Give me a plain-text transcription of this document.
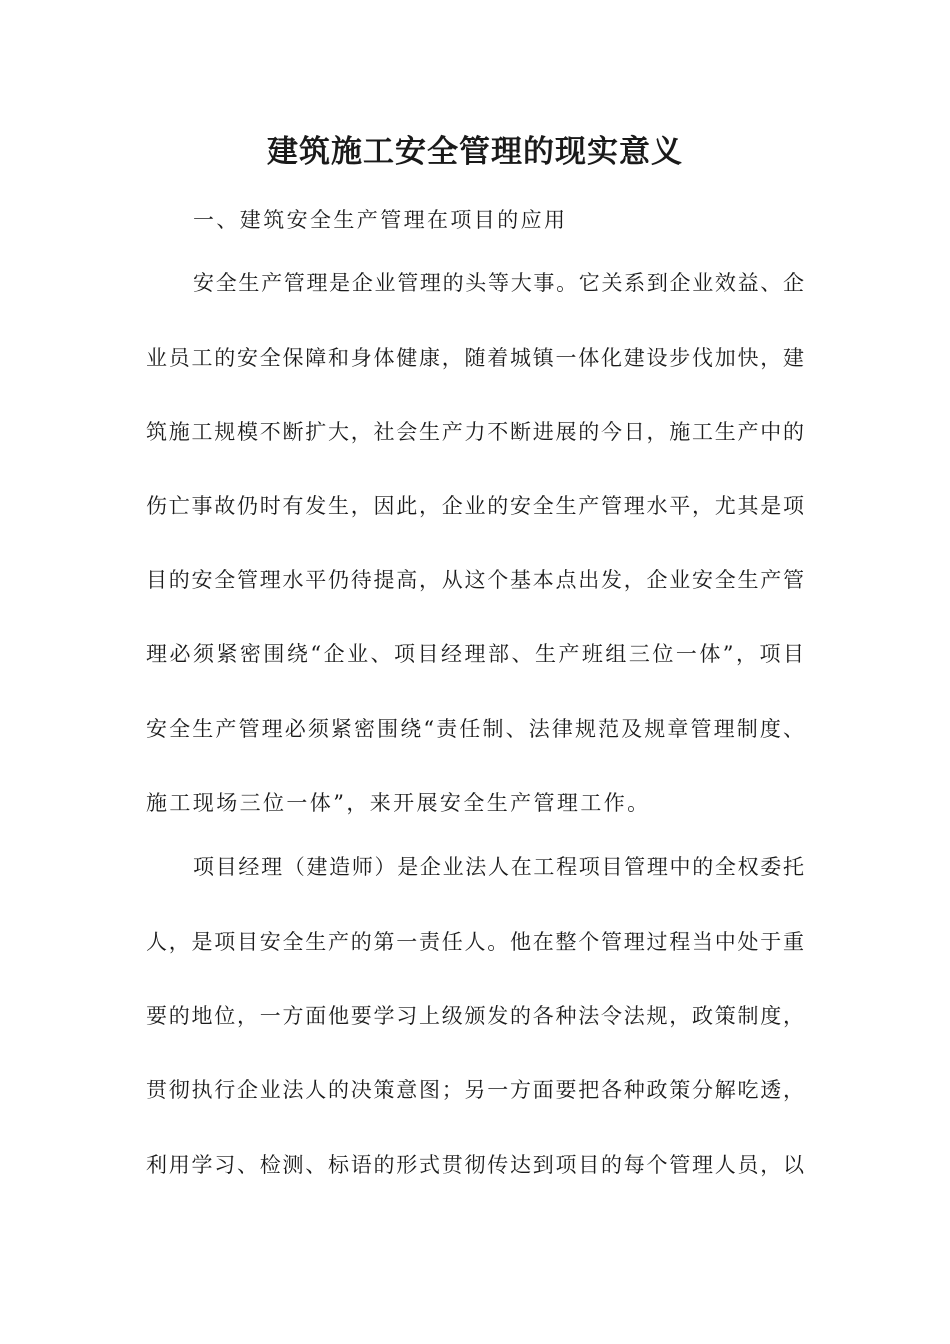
建筑施工安全管理的现实意义

一、建筑安全生产管理在项目的应用

安全生产管理是企业管理的头等大事。它关系到企业效益、企

业员工的安全保障和身体健康，随着城镇一体化建设步伐加快，建

筑施工规模不断扩大，社会生产力不断进展的今日，施工生产中的

伤亡事故仍时有发生，因此，企业的安全生产管理水平，尤其是项

目的安全管理水平仍待提高，从这个基本点出发，企业安全生产管

理必须紧密围绕“企业、项目经理部、生产班组三位一体”，项目

安全生产管理必须紧密围绕“责任制、法律规范及规章管理制度、

施工现场三位一体”，来开展安全生产管理工作。

项目经理（建造师）是企业法人在工程项目管理中的全权委托

人，是项目安全生产的第一责任人。他在整个管理过程当中处于重

要的地位，一方面他要学习上级颁发的各种法令法规，政策制度，

贯彻执行企业法人的决策意图；另一方面要把各种政策分解吃透，

利用学习、检测、标语的形式贯彻传达到项目的每个管理人员，以
